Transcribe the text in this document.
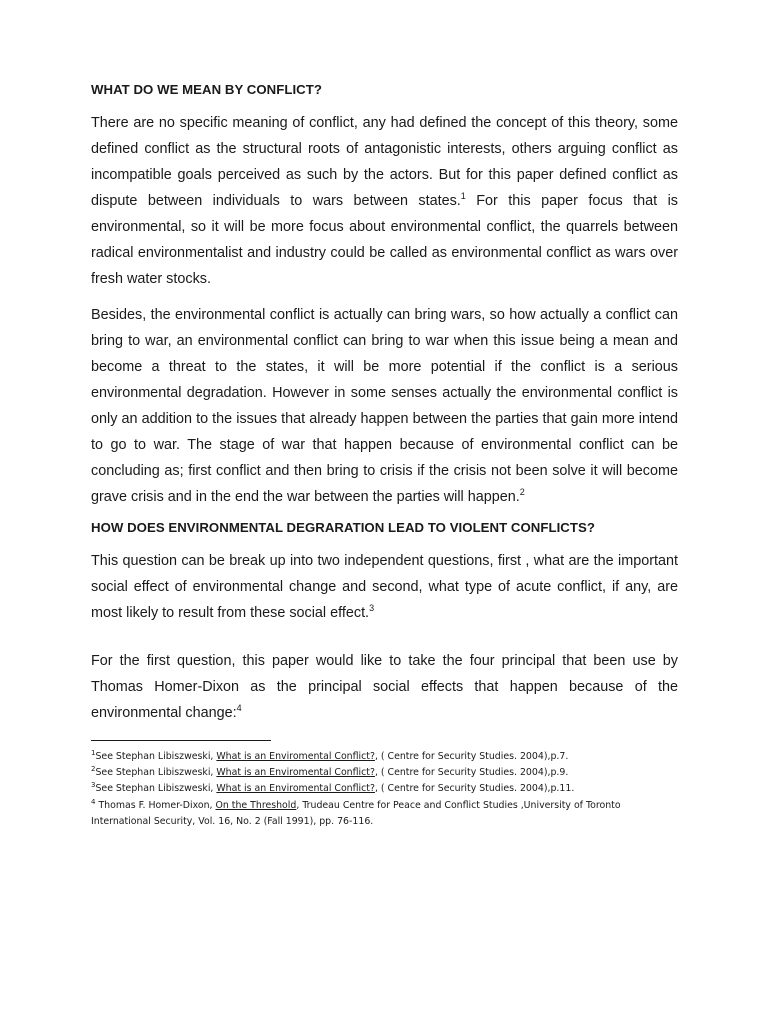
WHAT DO WE MEAN BY CONFLICT?

There are no specific meaning of conflict, any had defined the concept of this theory, some defined conflict as the structural roots of antagonistic interests, others arguing conflict as incompatible goals perceived as such by the actors. But for this paper defined conflict as dispute between individuals to wars between states.$^1$ For this paper focus that is environmental, so it will be more focus about environmental conflict, the quarrels between radical environmentalist and industry could be called as environmental conflict as wars over fresh water stocks.

Besides, the environmental conflict is actually can bring wars, so how actually a conflict can bring to war, an environmental conflict can bring to war when this issue being a mean and become a threat to the states, it will be more potential if the conflict is a serious environmental degradation. However in some senses actually the environmental conflict is only an addition to the issues that already happen between the parties that gain more intend to go to war. The stage of war that happen because of environmental conflict can be concluding as; first conflict and then bring to crisis if the crisis not been solve it will become grave crisis and in the end the war between the parties will happen.$^2$

HOW DOES ENVIRONMENTAL DEGRARATION LEAD TO VIOLENT CONFLICTS?

This question can be break up into two independent questions, first , what are the important social effect of environmental change and second, what type of acute conflict, if any, are most likely to result from these social effect.$^3$

For the first question, this paper would like to take the four principal that been use by Thomas Homer-Dixon as the principal social effects that happen because of the environmental change:$^4$

$^1$See Stephan Libiszweski, What is an Enviromental Conflict?, ( Centre for Security Studies. 2004),p.7.

$^2$See Stephan Libiszweski, What is an Enviromental Conflict?, ( Centre for Security Studies. 2004),p.9.

$^3$See Stephan Libiszweski, What is an Enviromental Conflict?, ( Centre for Security Studies. 2004),p.11.

$^4$ Thomas F. Homer-Dixon, On the Threshold, Trudeau Centre for Peace and Conflict Studies ,University of Toronto

International Security, Vol. 16, No. 2 (Fall 1991), pp. 76-116.
